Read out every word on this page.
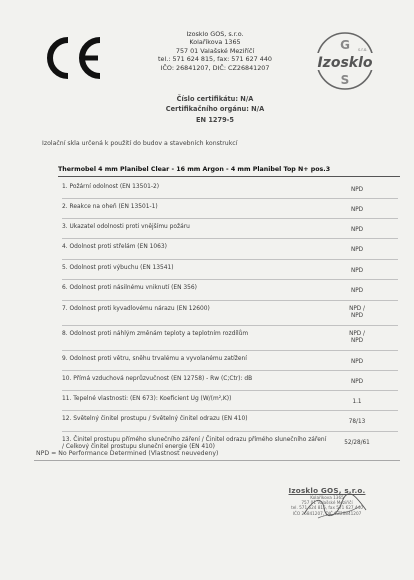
Izosklo GOS, s.r.o.
Kolaříkova 1365
757 01 Valašské Meziříčí
tel.: 571 624 815, fax: 571 627 440
IČO: 26841207, DIČ: CZ26841207
G
Izosklo
s.r.o.
S
Číslo certifikátu: N/A
Certifikačního orgánu: N/A
EN 1279-5
Izolační skla určená k použití do budov a stavebních konstrukcí
Thermobel 4 mm Planibel Clear - 16 mm Argon - 4 mm Planibel Top N+ pos.3
1. Požární odolnost (EN 13501-2)	NPD
2. Reakce na oheň (EN 13501-1)	NPD
3. Ukazatel odolnosti proti vnějšímu požáru	NPD
4. Odolnost proti střelám (EN 1063)	NPD
5. Odolnost proti výbuchu (EN 13541)	NPD
6. Odolnost proti násilnému vniknutí (EN 356)	NPD
7. Odolnost proti kyvadlovému nárazu (EN 12600)	NPD /
NPD
8. Odolnost proti náhlým změnám teploty a teplotním rozdílům	NPD /
NPD
9. Odolnost proti větru, sněhu trvalému a vyvolanému zatížení	NPD
10. Přímá vzduchová neprůzvučnost (EN 12758) - Rw (C;Ctr): dB	NPD
11. Tepelné vlastnosti: (EN 673): Koeficient Ug (W/(m²,K))	1.1
12. Světelný činitel prostupu / Světelný činitel odrazu (EN 410)	78/13
13. Činitel prostupu přímého slunečního záření / Činitel odrazu přímého slunečního záření / Celkový činitel prostupu sluneční energie (EN 410)
52/28/61
NPD = No Performance Determined (Vlastnost neuvedeny)
Izosklo GOS, s.r.o.
Kolaříkova 1365
757 01 Valašské Meziříčí
tel. 571 624 815, fax 571 627 440
IČO 26841207, DIČ CZ26841207
